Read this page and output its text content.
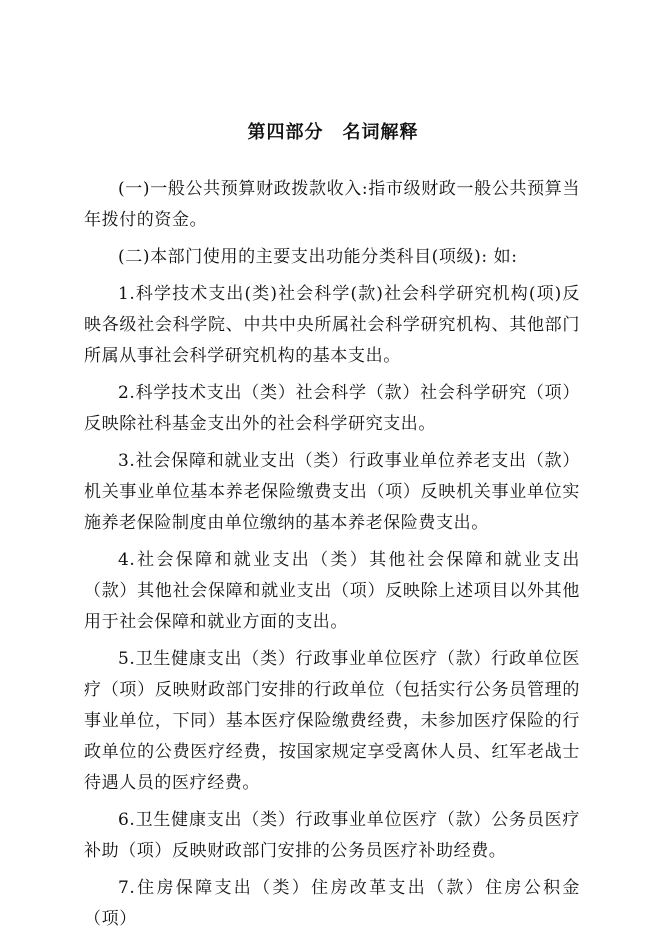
第四部分　名词解释

(一)一般公共预算财政拨款收入:指市级财政一般公共预算当年拨付的资金。

(二)本部门使用的主要支出功能分类科目(项级): 如:

1.科学技术支出(类)社会科学(款)社会科学研究机构(项)反映各级社会科学院、中共中央所属社会科学研究机构、其他部门所属从事社会科学研究机构的基本支出。

2.科学技术支出（类）社会科学（款）社会科学研究（项）反映除社科基金支出外的社会科学研究支出。

3.社会保障和就业支出（类）行政事业单位养老支出（款）机关事业单位基本养老保险缴费支出（项）反映机关事业单位实施养老保险制度由单位缴纳的基本养老保险费支出。

4.社会保障和就业支出（类）其他社会保障和就业支出（款）其他社会保障和就业支出（项）反映除上述项目以外其他用于社会保障和就业方面的支出。

5.卫生健康支出（类）行政事业单位医疗（款）行政单位医疗（项）反映财政部门安排的行政单位（包括实行公务员管理的事业单位，下同）基本医疗保险缴费经费，未参加医疗保险的行政单位的公费医疗经费，按国家规定享受离休人员、红军老战士待遇人员的医疗经费。

6.卫生健康支出（类）行政事业单位医疗（款）公务员医疗补助（项）反映财政部门安排的公务员医疗补助经费。

7.住房保障支出（类）住房改革支出（款）住房公积金（项）
